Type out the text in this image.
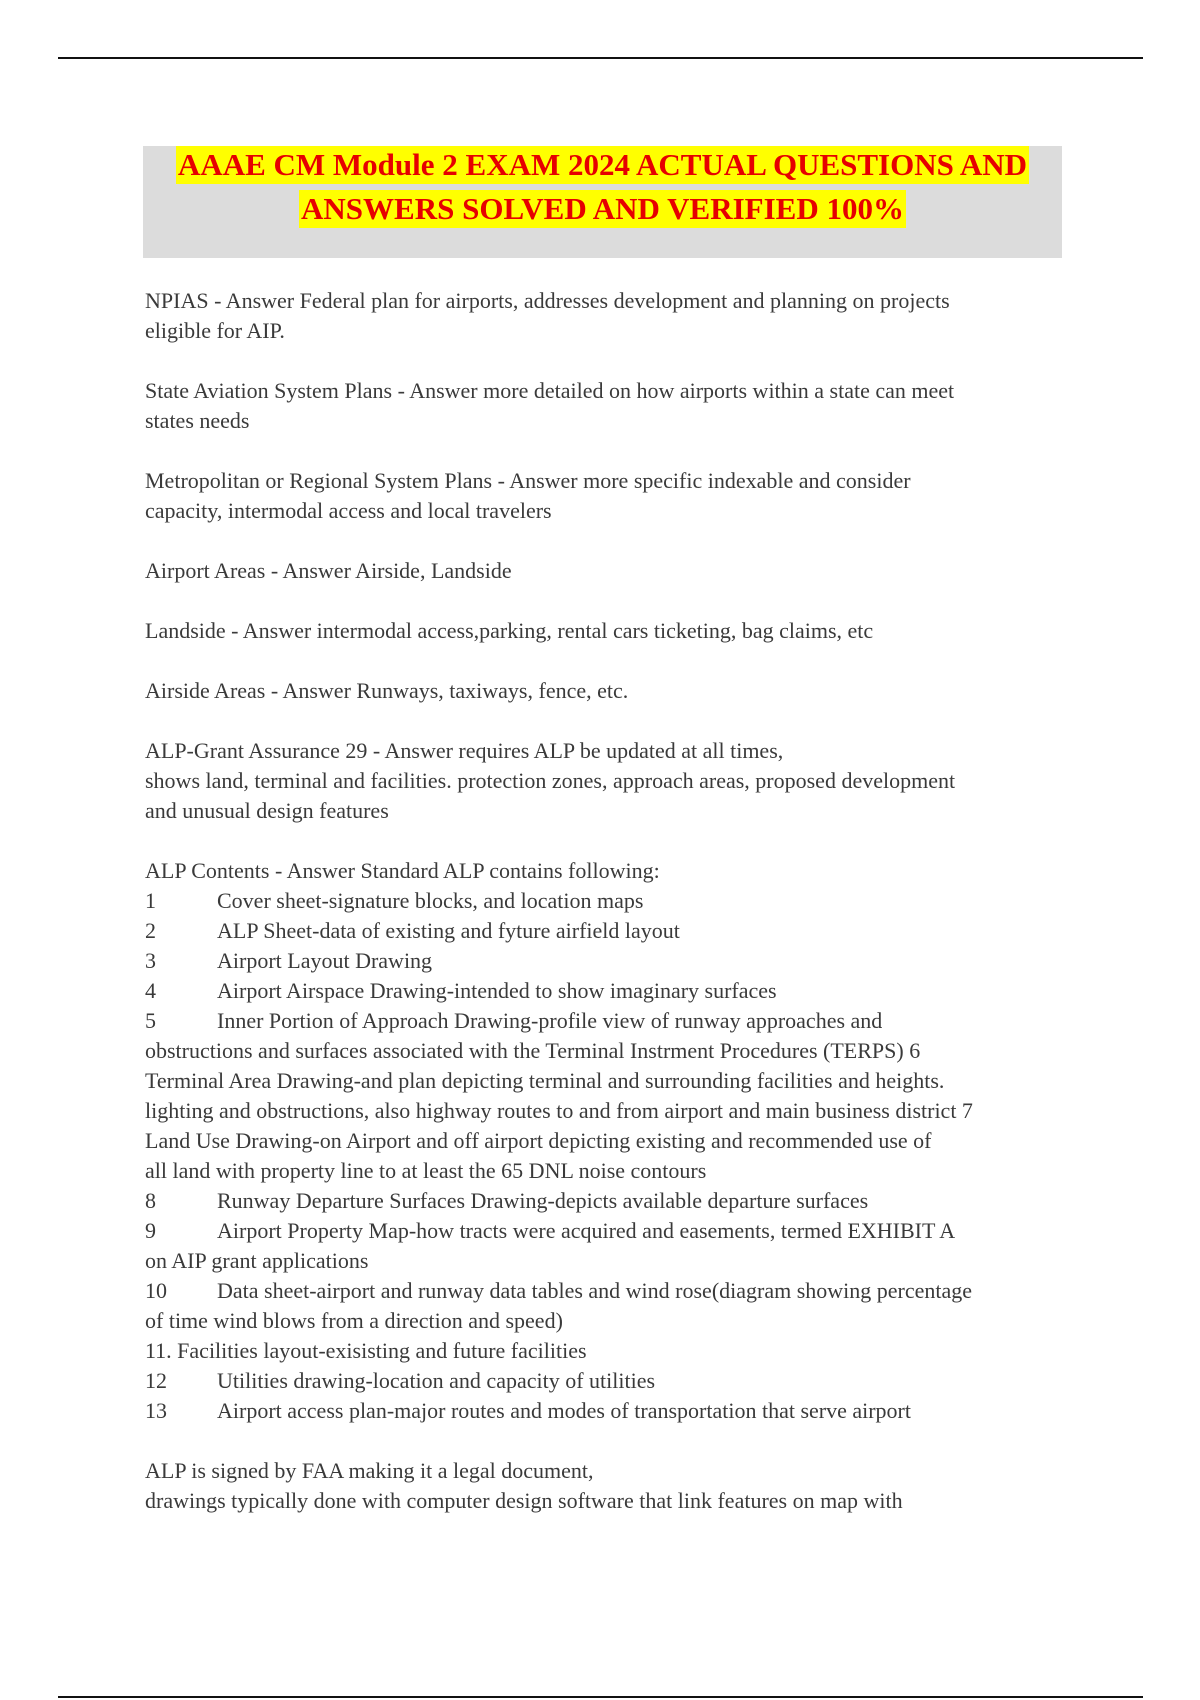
AAAE CM Module 2 EXAM 2024 ACTUAL QUESTIONS AND
ANSWERS SOLVED AND VERIFIED 100%
NPIAS - Answer Federal plan for airports, addresses development and planning on projects
eligible for AIP.
State Aviation System Plans - Answer more detailed on how airports within a state can meet
states needs
Metropolitan or Regional System Plans - Answer more specific indexable and consider
capacity, intermodal access and local travelers
Airport Areas - Answer Airside, Landside
Landside - Answer intermodal access,parking, rental cars ticketing, bag claims, etc
Airside Areas - Answer Runways, taxiways, fence, etc.
ALP-Grant Assurance 29 - Answer requires ALP be updated at all times,
shows land, terminal and facilities. protection zones, approach areas, proposed development
and unusual design features
ALP Contents - Answer Standard ALP contains following:
1	Cover sheet-signature blocks, and location maps
2	ALP Sheet-data of existing and fyture airfield layout
3	Airport Layout Drawing
4	Airport Airspace Drawing-intended to show imaginary surfaces
5	Inner Portion of Approach Drawing-profile view of runway approaches and
obstructions and surfaces associated with the Terminal Instrment Procedures (TERPS) 6
Terminal Area Drawing-and plan depicting terminal and surrounding facilities and heights.
lighting and obstructions, also highway routes to and from airport and main business district 7
Land Use Drawing-on Airport and off airport depicting existing and recommended use of
all land with property line to at least the 65 DNL noise contours
8	Runway Departure Surfaces Drawing-depicts available departure surfaces
9	Airport Property Map-how tracts were acquired and easements, termed EXHIBIT A
on AIP grant applications
10 Data sheet-airport and runway data tables and wind rose(diagram showing percentage
of time wind blows from a direction and speed)
11. Facilities layout-exisisting and future facilities
12 Utilities drawing-location and capacity of utilities
13 Airport access plan-major routes and modes of transportation that serve airport
ALP is signed by FAA making it a legal document,
drawings typically done with computer design software that link features on map with
